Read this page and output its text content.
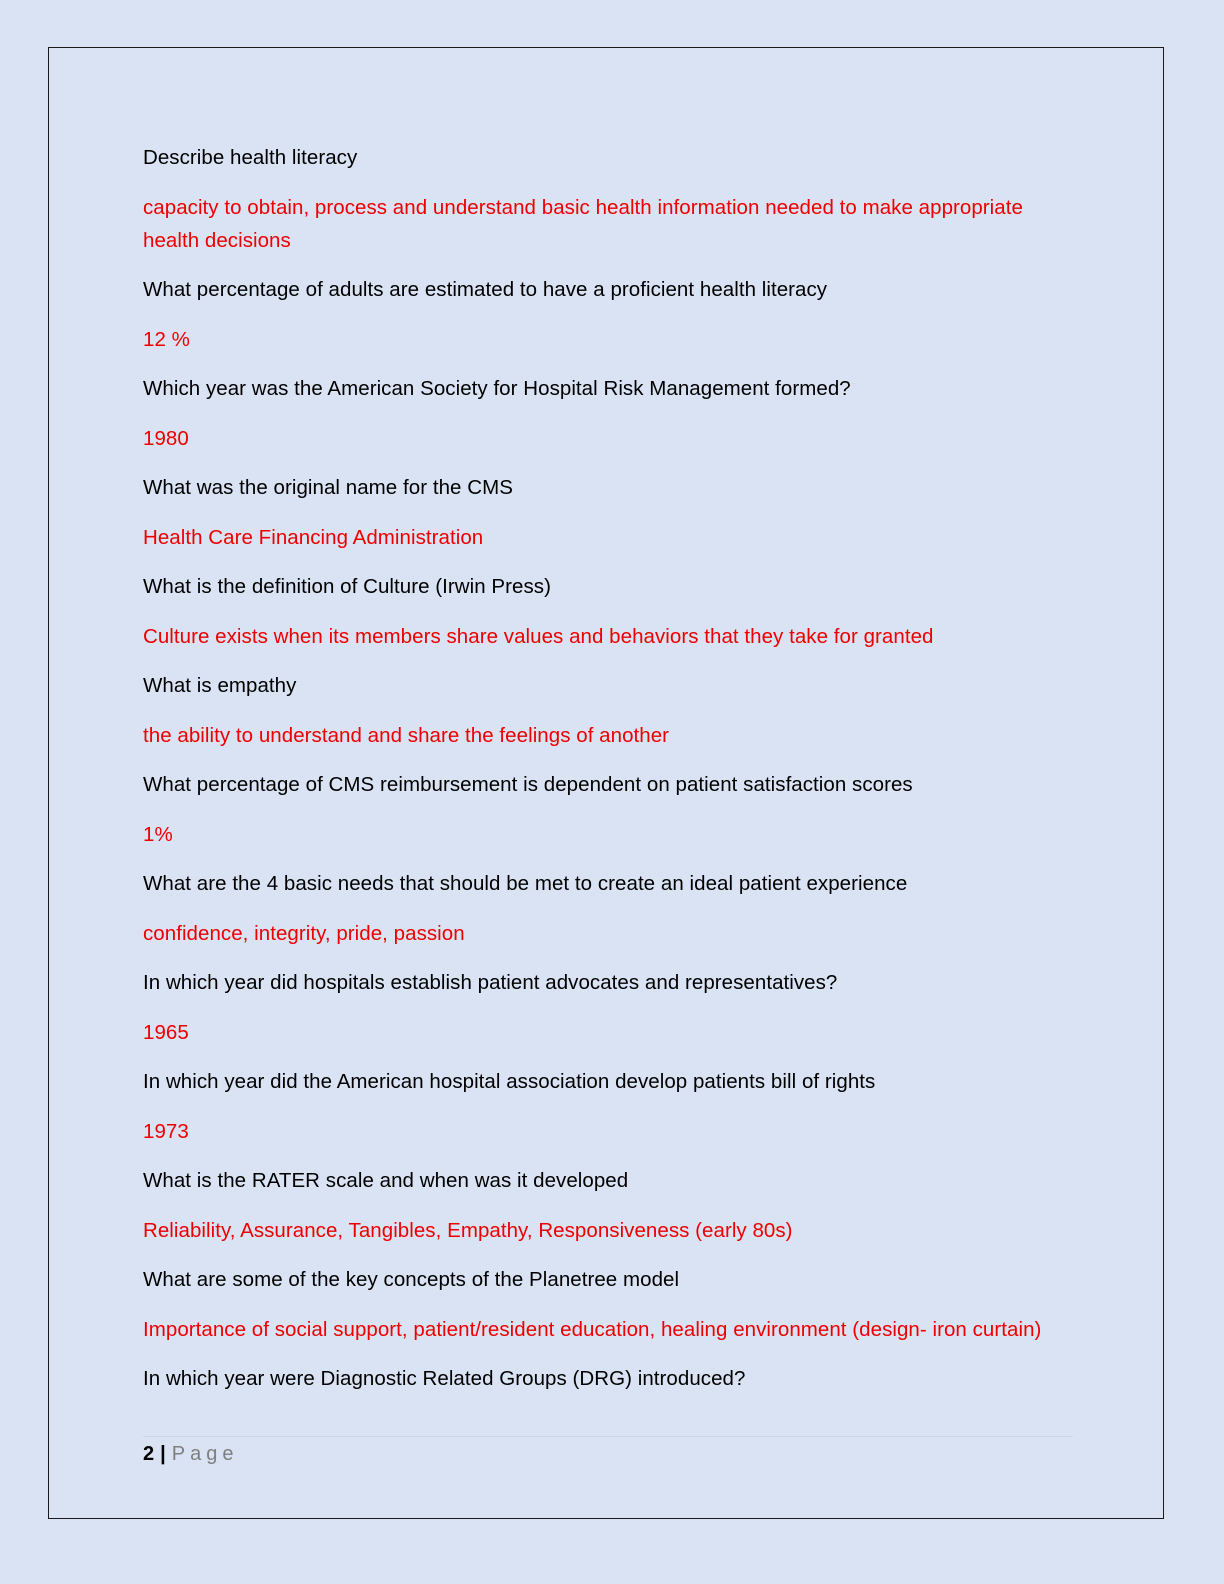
Describe health literacy

capacity to obtain, process and understand basic health information needed to make appropriate health decisions

What percentage of adults are estimated to have a proficient health literacy

12 %

Which year was the American Society for Hospital Risk Management formed?

1980

What was the original name for the CMS

Health Care Financing Administration

What is the definition of Culture (Irwin Press)

Culture exists when its members share values and behaviors that they take for granted

What is empathy

the ability to understand and share the feelings of another

What percentage of CMS reimbursement is dependent on patient satisfaction scores

1%

What are the 4 basic needs that should be met to create an ideal patient experience

confidence, integrity, pride, passion

In which year did hospitals establish patient advocates and representatives?

1965

In which year did the American hospital association develop patients bill of rights

1973

What is the RATER scale and when was it developed

Reliability, Assurance, Tangibles, Empathy, Responsiveness (early 80s)

What are some of the key concepts of the Planetree model

Importance of social support, patient/resident education, healing environment (design- iron curtain)

In which year were Diagnostic Related Groups (DRG) introduced?

2 | Page
